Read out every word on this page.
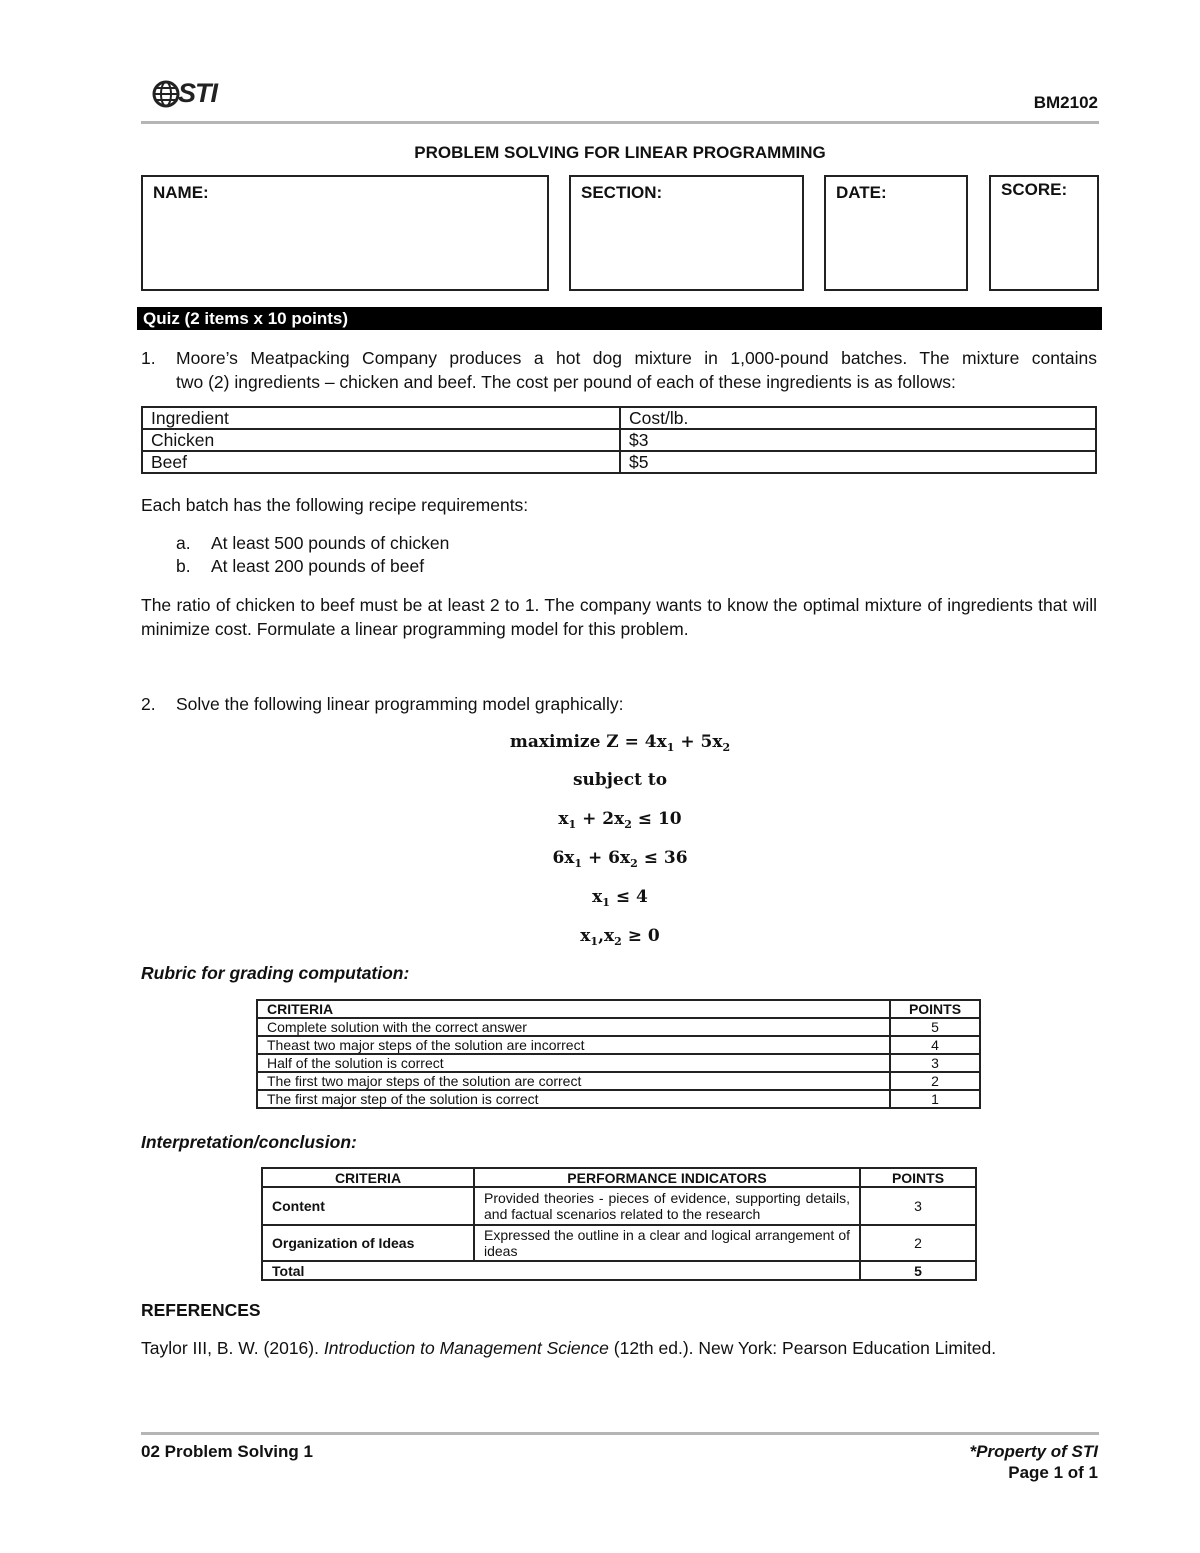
STI	BM2102
PROBLEM SOLVING FOR LINEAR PROGRAMMING
NAME:	SECTION:	DATE:	SCORE:
Quiz (2 items x 10 points)
1. Moore’s Meatpacking Company produces a hot dog mixture in 1,000-pound batches. The mixture contains
two (2) ingredients – chicken and beef. The cost per pound of each of these ingredients is as follows:
Ingredient	Cost/lb.
Chicken	$3
Beef	$5
Each batch has the following recipe requirements:
a. At least 500 pounds of chicken
b. At least 200 pounds of beef
The ratio of chicken to beef must be at least 2 to 1. The company wants to know the optimal mixture of ingredients that will minimize cost. Formulate a linear programming model for this problem.
2. Solve the following linear programming model graphically:
maximize $Z = 4x_1 + 5x_2$
subject to
$x_1 + 2x_2 \le 10$
$6x_1 + 6x_2 \le 36$
$x_1 \le 4$
$x_1,x_2 \ge 0$
Rubric for grading computation:
CRITERIA	POINTS
Complete solution with the correct answer	5
Theast two major steps of the solution are incorrect	4
Half of the solution is correct	3
The first two major steps of the solution are correct	2
The first major step of the solution is correct	1
Interpretation/conclusion:
CRITERIA	PERFORMANCE INDICATORS	POINTS
Content	Provided theories - pieces of evidence, supporting details, and factual scenarios related to the research	3
Organization of Ideas	Expressed the outline in a clear and logical arrangement of ideas	2
Total		5
REFERENCES
Taylor III, B. W. (2016). Introduction to Management Science (12th ed.). New York: Pearson Education Limited.
02 Problem Solving 1	*Property of STI
Page 1 of 1
